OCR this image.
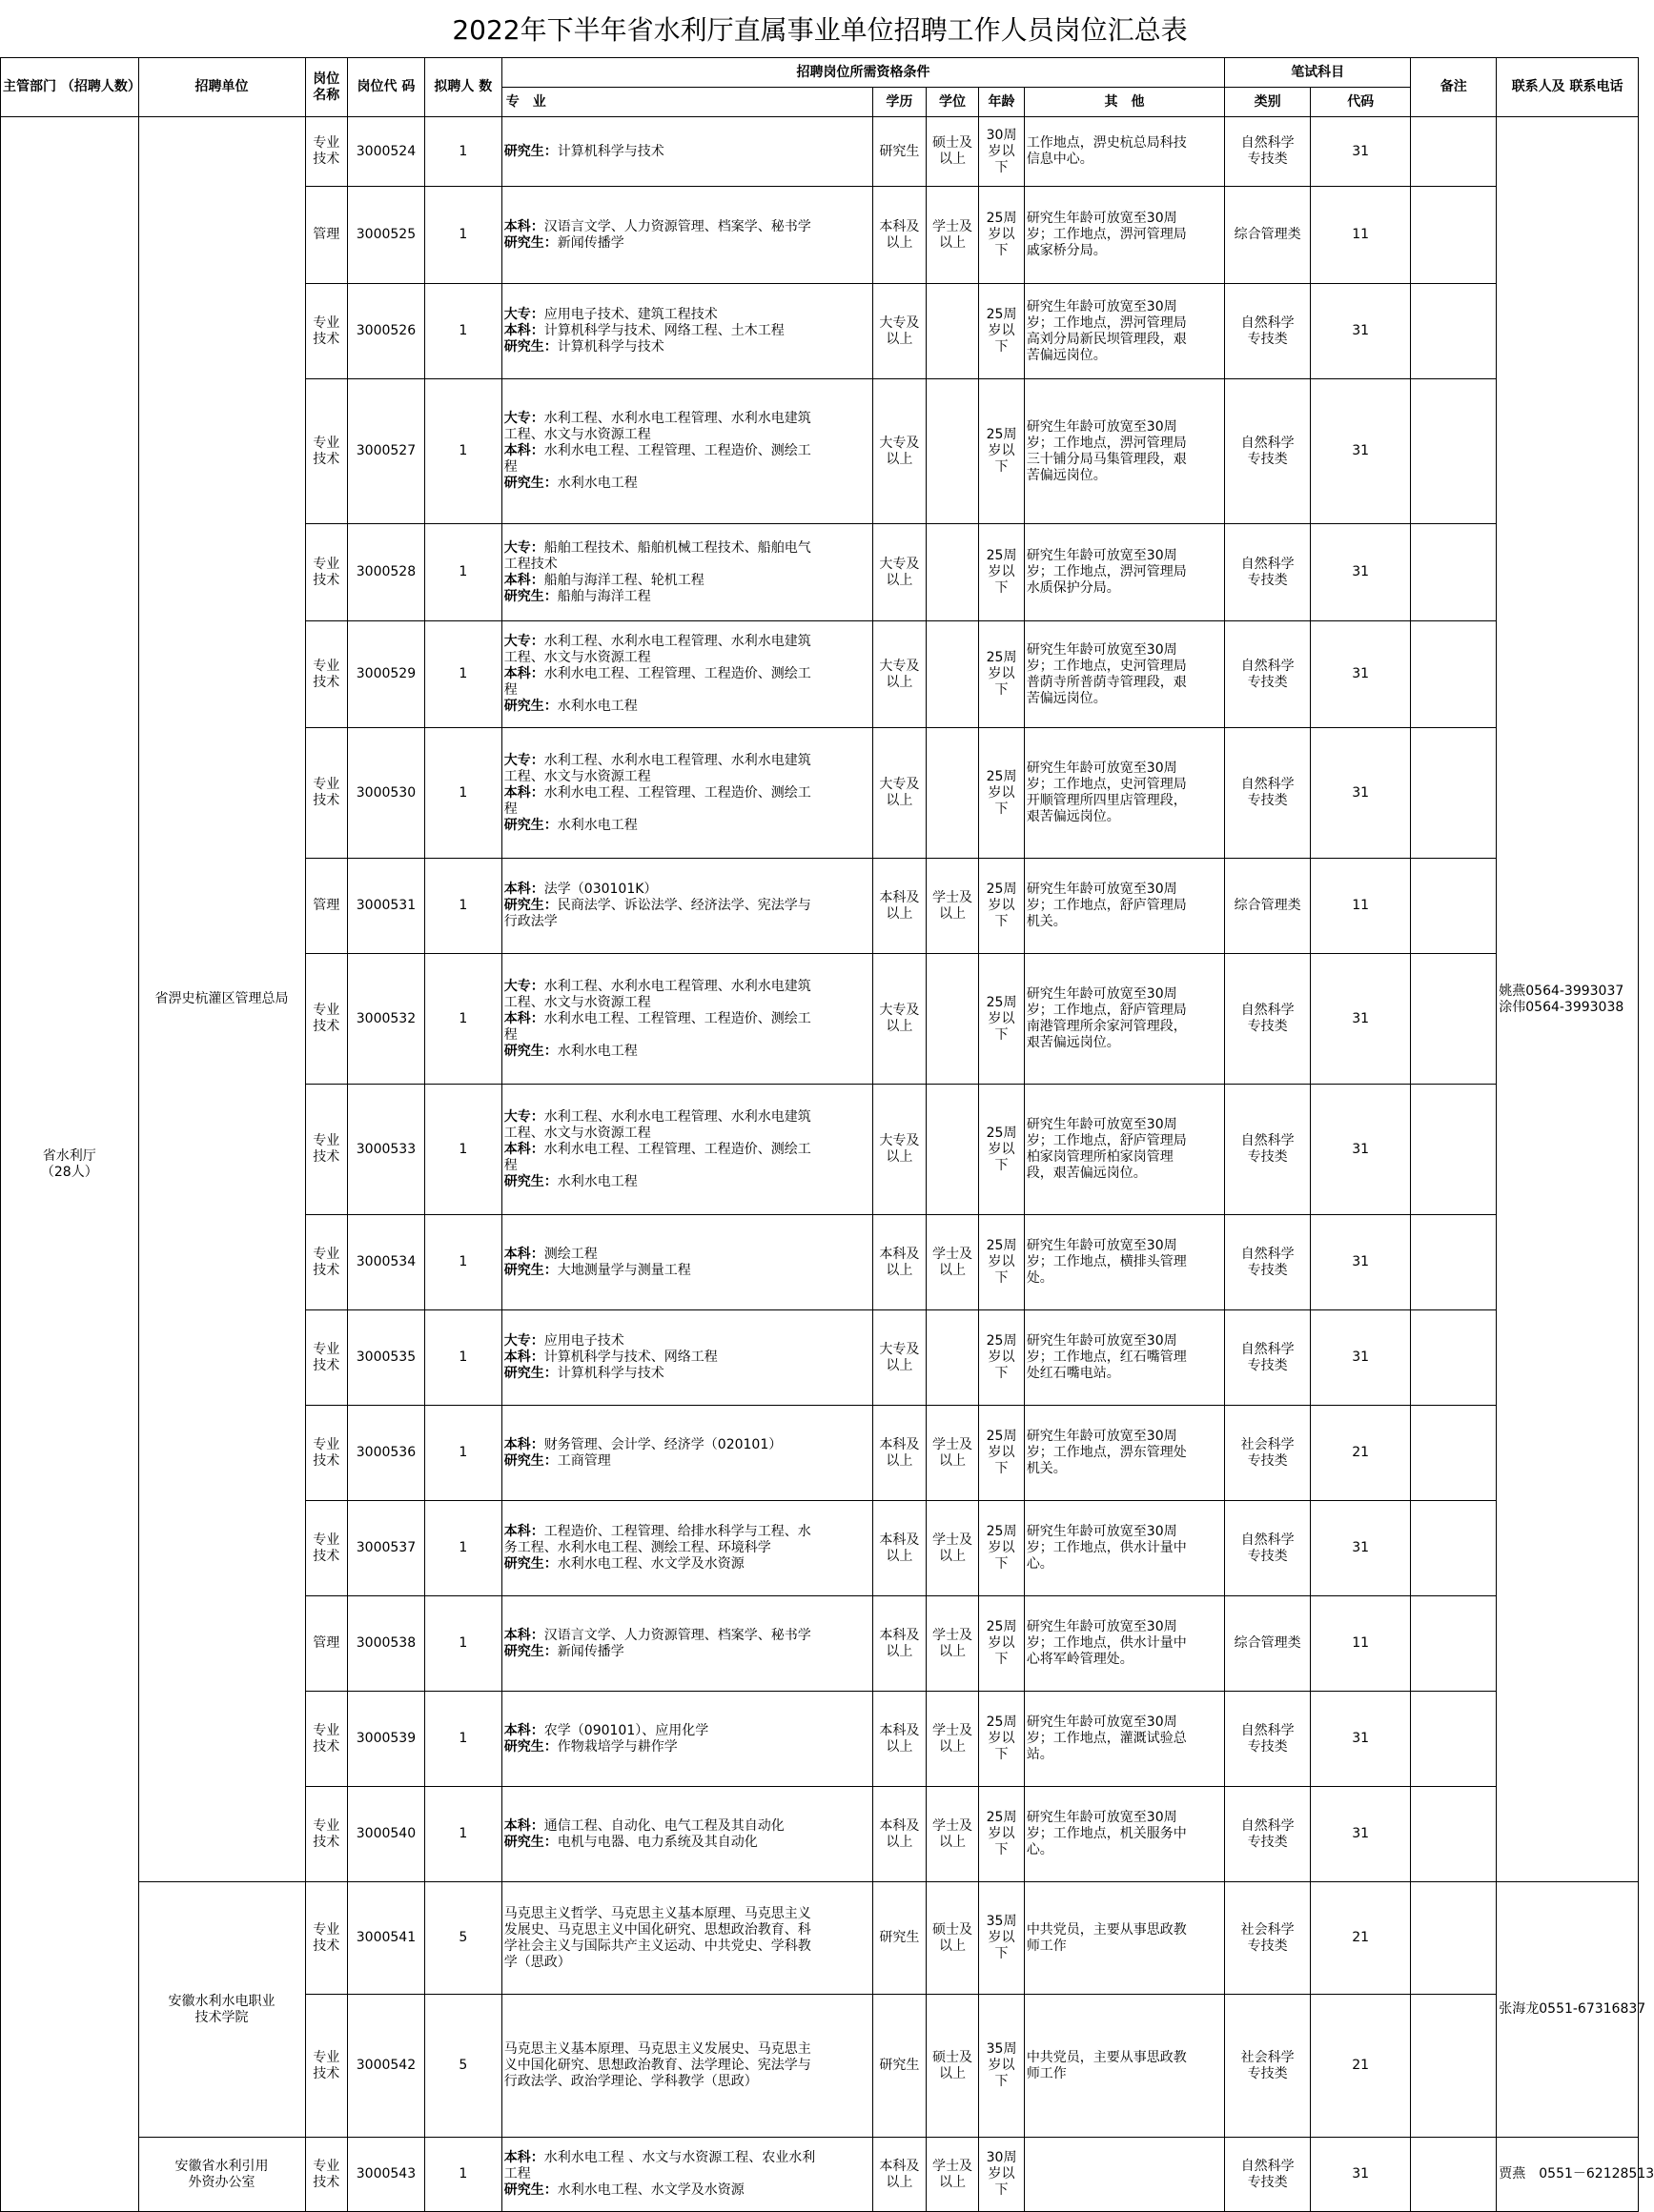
2022年下半年省水利厅直属事业单位招聘工作人员岗位汇总表
主管部门 （招聘人数）	招聘单位	岗位 名称	岗位代 码	拟聘人 数	招聘岗位所需资格条件					笔试科目		备注	联系人及 联系电话
					专　业	学历	学位	年龄	其　他	类别	代码		
省水利厅
（28人）	省淠史杭灌区管理总局	专业
技术	3000524	1	研究生：计算机科学与技术	研究生	硕士及
以上	30周
岁以
下	工作地点，淠史杭总局科技
信息中心。	自然科学
专技类	31		姚燕0564-3993037
涂伟0564-3993038
		管理	3000525	1	本科：汉语言文学、人力资源管理、档案学、秘书学
研究生：新闻传播学	本科及
以上	学士及
以上	25周
岁以
下	研究生年龄可放宽至30周
岁；工作地点，淠河管理局
戚家桥分局。	综合管理类	11		
		专业
技术	3000526	1	大专：应用电子技术、建筑工程技术
本科：计算机科学与技术、网络工程、土木工程
研究生：计算机科学与技术	大专及
以上		25周
岁以
下	研究生年龄可放宽至30周
岁；工作地点，淠河管理局
高刘分局新民坝管理段，艰
苦偏远岗位。	自然科学
专技类	31		
		专业
技术	3000527	1	大专：水利工程、水利水电工程管理、水利水电建筑
工程、水文与水资源工程
本科：水利水电工程、工程管理、工程造价、测绘工
程
研究生：水利水电工程	大专及
以上		25周
岁以
下	研究生年龄可放宽至30周
岁；工作地点，淠河管理局
三十铺分局马集管理段，艰
苦偏远岗位。	自然科学
专技类	31		
		专业
技术	3000528	1	大专：船舶工程技术、船舶机械工程技术、船舶电气
工程技术
本科：船舶与海洋工程、轮机工程
研究生：船舶与海洋工程	大专及
以上		25周
岁以
下	研究生年龄可放宽至30周
岁；工作地点，淠河管理局
水质保护分局。	自然科学
专技类	31		
		专业
技术	3000529	1	大专：水利工程、水利水电工程管理、水利水电建筑
工程、水文与水资源工程
本科：水利水电工程、工程管理、工程造价、测绘工
程
研究生：水利水电工程	大专及
以上		25周
岁以
下	研究生年龄可放宽至30周
岁；工作地点，史河管理局
普荫寺所普荫寺管理段，艰
苦偏远岗位。	自然科学
专技类	31		
		专业
技术	3000530	1	大专：水利工程、水利水电工程管理、水利水电建筑
工程、水文与水资源工程
本科：水利水电工程、工程管理、工程造价、测绘工
程
研究生：水利水电工程	大专及
以上		25周
岁以
下	研究生年龄可放宽至30周
岁；工作地点，史河管理局
开顺管理所四里店管理段，
艰苦偏远岗位。	自然科学
专技类	31		
		管理	3000531	1	本科：法学（030101K）
研究生：民商法学、诉讼法学、经济法学、宪法学与
行政法学	本科及
以上	学士及
以上	25周
岁以
下	研究生年龄可放宽至30周
岁；工作地点，舒庐管理局
机关。	综合管理类	11		
		专业
技术	3000532	1	大专：水利工程、水利水电工程管理、水利水电建筑
工程、水文与水资源工程
本科：水利水电工程、工程管理、工程造价、测绘工
程
研究生：水利水电工程	大专及
以上		25周
岁以
下	研究生年龄可放宽至30周
岁；工作地点，舒庐管理局
南港管理所余家河管理段，
艰苦偏远岗位。	自然科学
专技类	31		
		专业
技术	3000533	1	大专：水利工程、水利水电工程管理、水利水电建筑
工程、水文与水资源工程
本科：水利水电工程、工程管理、工程造价、测绘工
程
研究生：水利水电工程	大专及
以上		25周
岁以
下	研究生年龄可放宽至30周
岁；工作地点，舒庐管理局
柏家岗管理所柏家岗管理
段，艰苦偏远岗位。	自然科学
专技类	31		
		专业
技术	3000534	1	本科：测绘工程
研究生：大地测量学与测量工程	本科及
以上	学士及
以上	25周
岁以
下	研究生年龄可放宽至30周
岁；工作地点，横排头管理
处。	自然科学
专技类	31		
		专业
技术	3000535	1	大专：应用电子技术
本科：计算机科学与技术、网络工程
研究生：计算机科学与技术	大专及
以上		25周
岁以
下	研究生年龄可放宽至30周
岁；工作地点，红石嘴管理
处红石嘴电站。	自然科学
专技类	31		
		专业
技术	3000536	1	本科：财务管理、会计学、经济学（020101）
研究生：工商管理	本科及
以上	学士及
以上	25周
岁以
下	研究生年龄可放宽至30周
岁；工作地点，淠东管理处
机关。	社会科学
专技类	21		
		专业
技术	3000537	1	本科：工程造价、工程管理、给排水科学与工程、水
务工程、水利水电工程、测绘工程、环境科学
研究生：水利水电工程、水文学及水资源	本科及
以上	学士及
以上	25周
岁以
下	研究生年龄可放宽至30周
岁；工作地点，供水计量中
心。	自然科学
专技类	31		
		管理	3000538	1	本科：汉语言文学、人力资源管理、档案学、秘书学
研究生：新闻传播学	本科及
以上	学士及
以上	25周
岁以
下	研究生年龄可放宽至30周
岁；工作地点，供水计量中
心将军岭管理处。	综合管理类	11		
		专业
技术	3000539	1	本科：农学（090101）、应用化学
研究生：作物栽培学与耕作学	本科及
以上	学士及
以上	25周
岁以
下	研究生年龄可放宽至30周
岁；工作地点，灌溉试验总
站。	自然科学
专技类	31		
		专业
技术	3000540	1	本科：通信工程、自动化、电气工程及其自动化
研究生：电机与电器、电力系统及其自动化	本科及
以上	学士及
以上	25周
岁以
下	研究生年龄可放宽至30周
岁；工作地点，机关服务中
心。	自然科学
专技类	31		
	安徽水利水电职业
技术学院	专业
技术	3000541	5	马克思主义哲学、马克思主义基本原理、马克思主义
发展史、马克思主义中国化研究、思想政治教育、科
学社会主义与国际共产主义运动、中共党史、学科教
学（思政）	研究生	硕士及
以上	35周
岁以
下	中共党员，主要从事思政教
师工作	社会科学
专技类	21		张海龙0551-67316837
		专业
技术	3000542	5	马克思主义基本原理、马克思主义发展史、马克思主
义中国化研究、思想政治教育、法学理论、宪法学与
行政法学、政治学理论、学科教学（思政）	研究生	硕士及
以上	35周
岁以
下	中共党员，主要从事思政教
师工作	社会科学
专技类	21		
	安徽省水利引用
外资办公室	专业
技术	3000543	1	本科：水利水电工程 、水文与水资源工程、农业水利
工程
研究生：水利水电工程、水文学及水资源	本科及
以上	学士及
以上	30周
岁以
下		自然科学
专技类	31		贾燕　0551－62128513
